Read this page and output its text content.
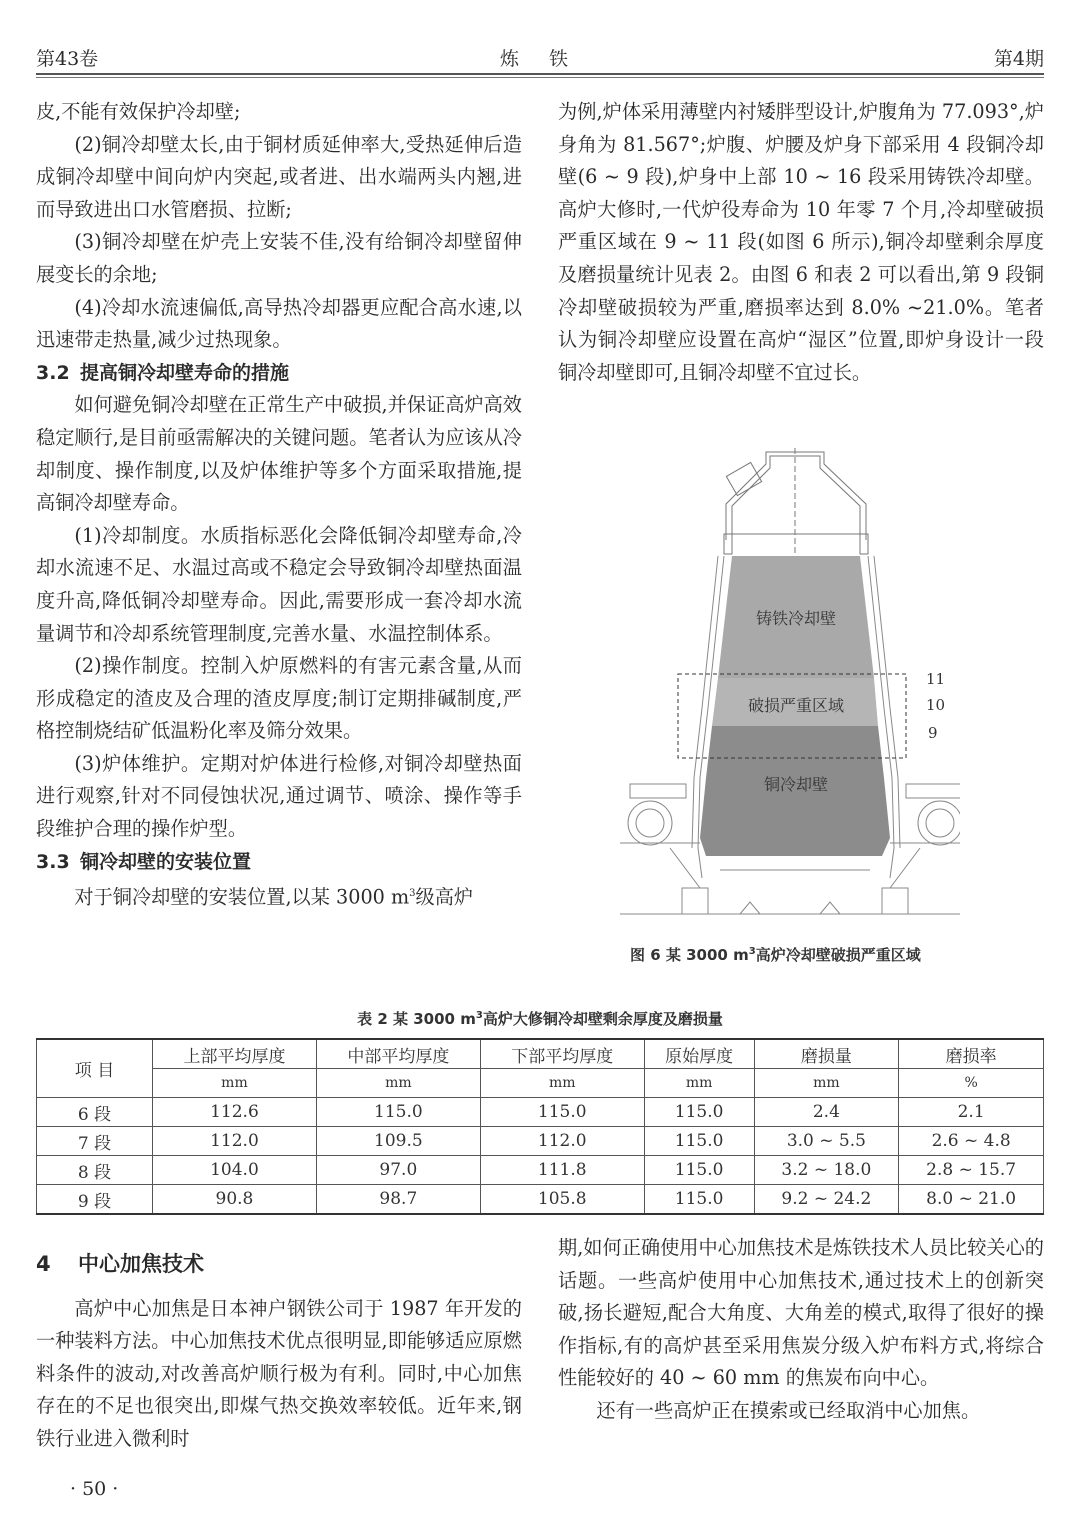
第43卷	炼 铁	第4期

皮,不能有效保护冷却壁;

(2)铜冷却壁太长,由于铜材质延伸率大,受热延伸后造成铜冷却壁中间向炉内突起,或者进、出水端两头内翘,进而导致进出口水管磨损、拉断;

(3)铜冷却壁在炉壳上安装不佳,没有给铜冷却壁留伸展变长的余地;

(4)冷却水流速偏低,高导热冷却器更应配合高水速,以迅速带走热量,减少过热现象。

3.2 提高铜冷却壁寿命的措施

如何避免铜冷却壁在正常生产中破损,并保证高炉高效稳定顺行,是目前亟需解决的关键问题。笔者认为应该从冷却制度、操作制度,以及炉体维护等多个方面采取措施,提高铜冷却壁寿命。

(1)冷却制度。水质指标恶化会降低铜冷却壁寿命,冷却水流速不足、水温过高或不稳定会导致铜冷却壁热面温度升高,降低铜冷却壁寿命。因此,需要形成一套冷却水流量调节和冷却系统管理制度,完善水量、水温控制体系。

(2)操作制度。控制入炉原燃料的有害元素含量,从而形成稳定的渣皮及合理的渣皮厚度;制订定期排碱制度,严格控制烧结矿低温粉化率及筛分效果。

(3)炉体维护。定期对炉体进行检修,对铜冷却壁热面进行观察,针对不同侵蚀状况,通过调节、喷涂、操作等手段维护合理的操作炉型。

3.3 铜冷却壁的安装位置

对于铜冷却壁的安装位置,以某 3000 $m^3$级高炉

为例,炉体采用薄壁内衬矮胖型设计,炉腹角为 77.093°,炉身角为 81.567°;炉腹、炉腰及炉身下部采用 4 段铜冷却壁(6 ~ 9 段),炉身中上部 10 ~ 16 段采用铸铁冷却壁。高炉大修时,一代炉役寿命为 10 年零 7 个月,冷却壁破损严重区域在 9 ~ 11 段(如图 6 所示),铜冷却壁剩余厚度及磨损量统计见表 2。由图 6 和表 2 可以看出,第 9 段铜冷却壁破损较为严重,磨损率达到 8.0% ~21.0%。笔者认为铜冷却壁应设置在高炉“湿区”位置,即炉身设计一段铜冷却壁即可,且铜冷却壁不宜过长。

铸铁冷却壁
破损严重区域
铜冷却壁
11
10
9
图 6 某 3000 $m^3$高炉冷却壁破损严重区域
表 2 某 3000 $m^3$高炉大修铜冷却壁剩余厚度及磨损量
项 目	上部平均厚度	中部平均厚度	下部平均厚度	原始厚度	磨损量	磨损率
	mm	mm	mm	mm	mm	%
6 段	112.6	115.0	115.0	115.0	2.4	2.1
7 段	112.0	109.5	112.0	115.0	3.0 ~ 5.5	2.6 ~ 4.8
8 段	104.0	97.0	111.8	115.0	3.2 ~ 18.0	2.8 ~ 15.7
9 段	90.8	98.7	105.8	115.0	9.2 ~ 24.2	8.0 ~ 21.0

4 中心加焦技术

高炉中心加焦是日本神户钢铁公司于 1987 年开发的一种装料方法。中心加焦技术优点很明显,即能够适应原燃料条件的波动,对改善高炉顺行极为有利。同时,中心加焦存在的不足也很突出,即煤气热交换效率较低。近年来,钢铁行业进入微利时

期,如何正确使用中心加焦技术是炼铁技术人员比较关心的话题。一些高炉使用中心加焦技术,通过技术上的创新突破,扬长避短,配合大角度、大角差的模式,取得了很好的操作指标,有的高炉甚至采用焦炭分级入炉布料方式,将综合性能较好的 40 ~ 60 mm 的焦炭布向中心。

还有一些高炉正在摸索或已经取消中心加焦。

· 50 ·
